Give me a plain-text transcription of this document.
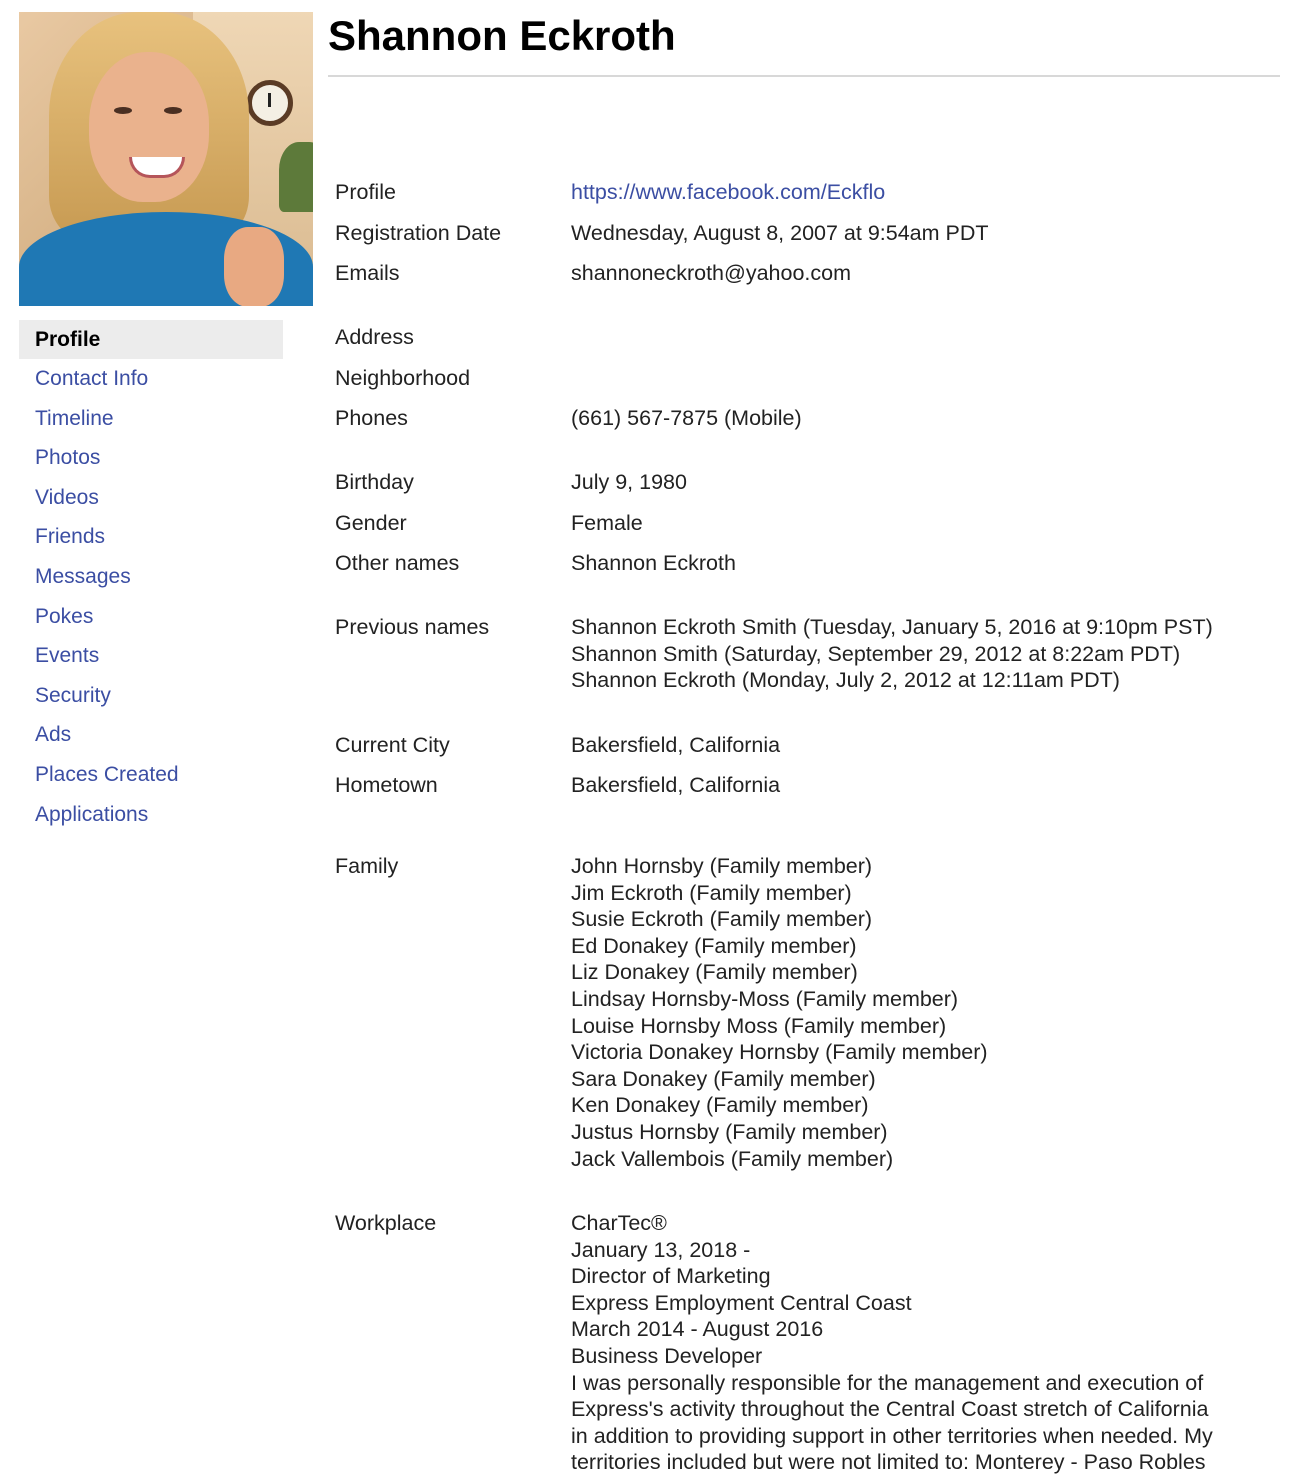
Profile
Contact Info
Timeline
Photos
Videos
Friends
Messages
Pokes
Events
Security
Ads
Places Created
Applications
Shannon Eckroth
Profile	https://www.facebook.com/Eckflo
Registration Date	Wednesday, August 8, 2007 at 9:54am PDT
Emails	shannoneckroth@yahoo.com
Address
Neighborhood
Phones	(661) 567-7875 (Mobile)
Birthday	July 9, 1980
Gender	Female
Other names	Shannon Eckroth
Previous names	Shannon Eckroth Smith (Tuesday, January 5, 2016 at 9:10pm PST)
Shannon Smith (Saturday, September 29, 2012 at 8:22am PDT)
Shannon Eckroth (Monday, July 2, 2012 at 12:11am PDT)
Current City	Bakersfield, California
Hometown	Bakersfield, California
Family	John Hornsby (Family member)
Jim Eckroth (Family member)
Susie Eckroth (Family member)
Ed Donakey (Family member)
Liz Donakey (Family member)
Lindsay Hornsby-Moss (Family member)
Louise Hornsby Moss (Family member)
Victoria Donakey Hornsby (Family member)
Sara Donakey (Family member)
Ken Donakey (Family member)
Justus Hornsby (Family member)
Jack Vallembois (Family member)
Workplace	CharTec®
January 13, 2018 -
Director of Marketing
Express Employment Central Coast
March 2014 - August 2016
Business Developer
I was personally responsible for the management and execution of
Express's activity throughout the Central Coast stretch of California
in addition to providing support in other territories when needed. My
territories included but were not limited to: Monterey - Paso Robles
